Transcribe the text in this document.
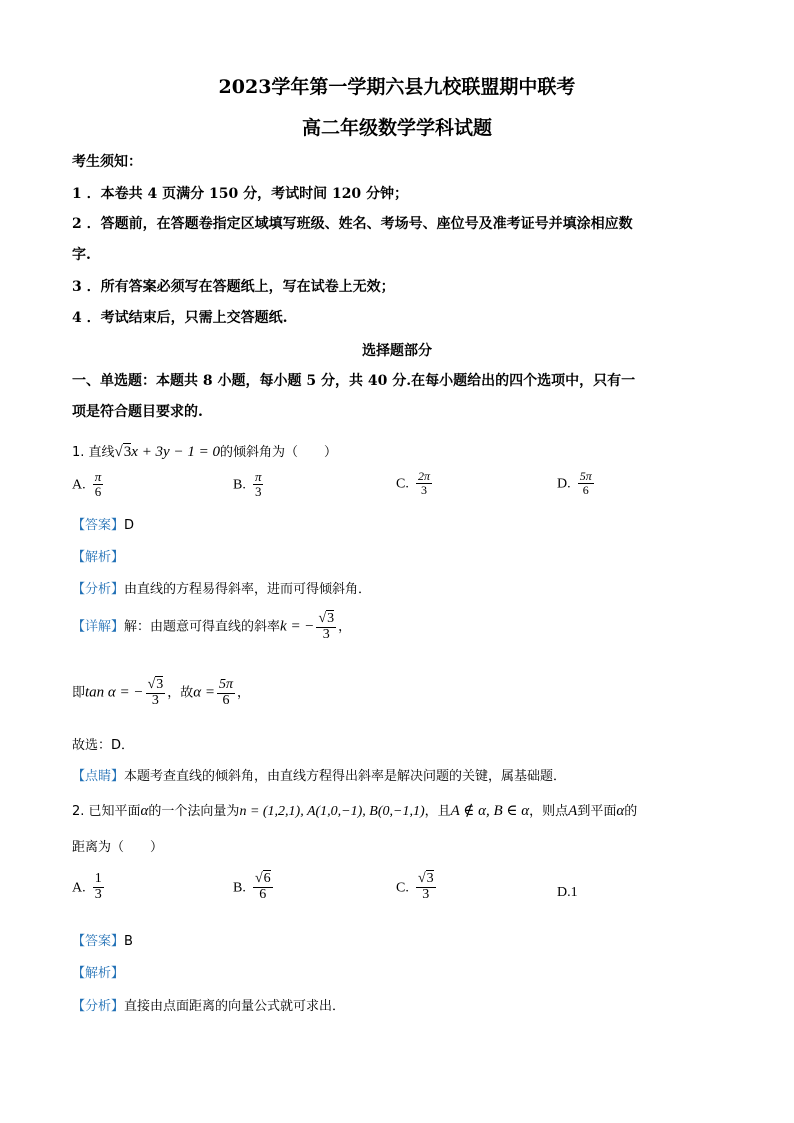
2023学年第一学期六县九校联盟期中联考
高二年级数学学科试题
考生须知：
1 ．本卷共 4 页满分 150 分，考试时间 120 分钟；
2 ．答题前，在答题卷指定区域填写班级、姓名、考场号、座位号及准考证号并填涂相应数
字.
3 ．所有答案必须写在答题纸上，写在试卷上无效；
4 ．考试结束后，只需上交答题纸.
选择题部分
一、单选题：本题共 8 小题，每小题 5 分，共 40 分.在每小题给出的四个选项中，只有一
项是符合题目要求的.
1. 直线√3x + 3y − 1 = 0的倾斜角为（　　）
A. $\frac{\pi}{6}$	B. $\frac{\pi}{3}$	C. $\frac{2\pi}{3}$	D. $\frac{5\pi}{6}$
【答案】D
【解析】
【分析】由直线的方程易得斜率，进而可得倾斜角．
【详解】解：由题意可得直线的斜率k = − $\frac{√3}{3}$ ，
即tan α = − $\frac{√3}{3}$ ，故$\alpha = \frac{5\pi}{6}$ ，
故选：D．
【点睛】本题考查直线的倾斜角，由直线方程得出斜率是解决问题的关键，属基础题．
2. 已知平面α的一个法向量为n = (1,2,1), A(1,0,−1), B(0,−1,1)，且A ∉ α, B ∈ α，则点A到平面α的
距离为（　　）
A. $\frac{1}{3}$	B. $\frac{√6}{6}$	C. $\frac{√3}{3}$	D.1
【答案】B
【解析】
【分析】直接由点面距离的向量公式就可求出．
